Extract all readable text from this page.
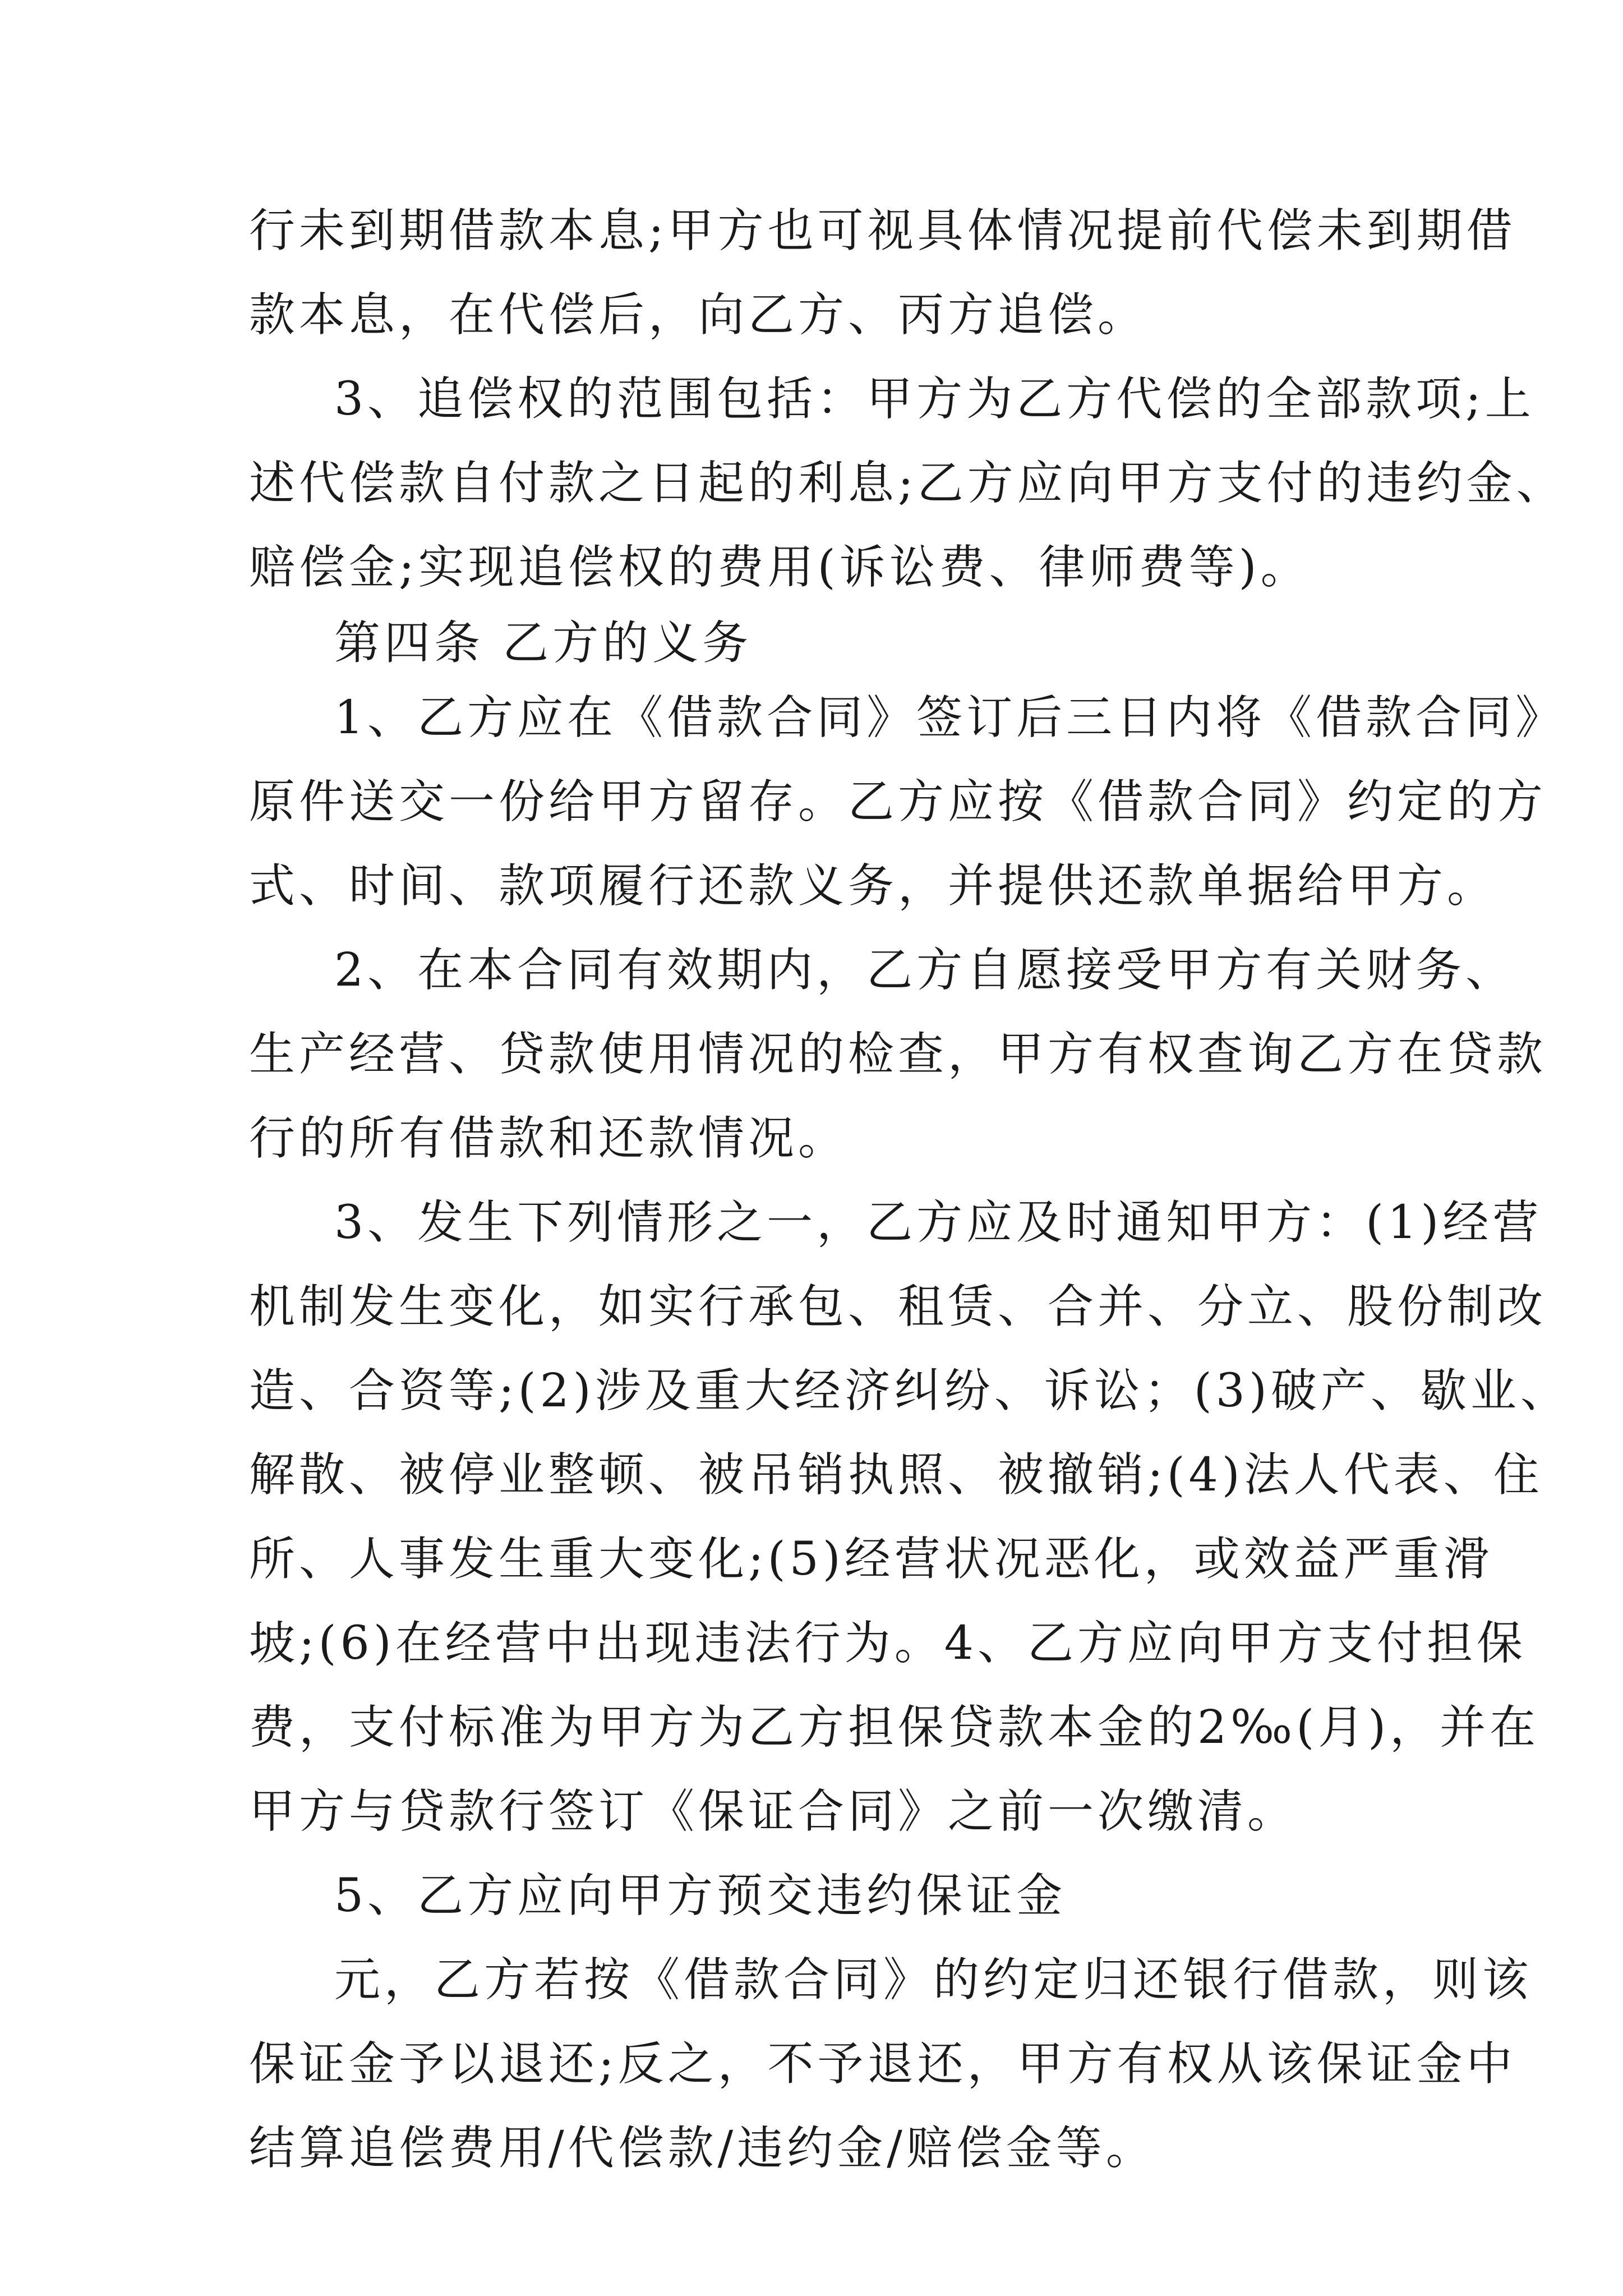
行未到期借款本息;甲方也可视具体情况提前代偿未到期借
款本息，在代偿后，向乙方、丙方追偿。
3、追偿权的范围包括：甲方为乙方代偿的全部款项;上
述代偿款自付款之日起的利息;乙方应向甲方支付的违约金、
赔偿金;实现追偿权的费用(诉讼费、律师费等)。
第四条 乙方的义务
1、乙方应在《借款合同》签订后三日内将《借款合同》
原件送交一份给甲方留存。乙方应按《借款合同》约定的方
式、时间、款项履行还款义务，并提供还款单据给甲方。
2、在本合同有效期内，乙方自愿接受甲方有关财务、
生产经营、贷款使用情况的检查，甲方有权查询乙方在贷款
行的所有借款和还款情况。
3、发生下列情形之一，乙方应及时通知甲方：(1)经营
机制发生变化，如实行承包、租赁、合并、分立、股份制改
造、合资等;(2)涉及重大经济纠纷、诉讼；(3)破产、歇业、
解散、被停业整顿、被吊销执照、被撤销;(4)法人代表、住
所、人事发生重大变化;(5)经营状况恶化，或效益严重滑
坡;(6)在经营中出现违法行为。4、乙方应向甲方支付担保
费，支付标准为甲方为乙方担保贷款本金的2‰(月)，并在
甲方与贷款行签订《保证合同》之前一次缴清。
5、乙方应向甲方预交违约保证金
元，乙方若按《借款合同》的约定归还银行借款，则该
保证金予以退还;反之，不予退还，甲方有权从该保证金中
结算追偿费用/代偿款/违约金/赔偿金等。
